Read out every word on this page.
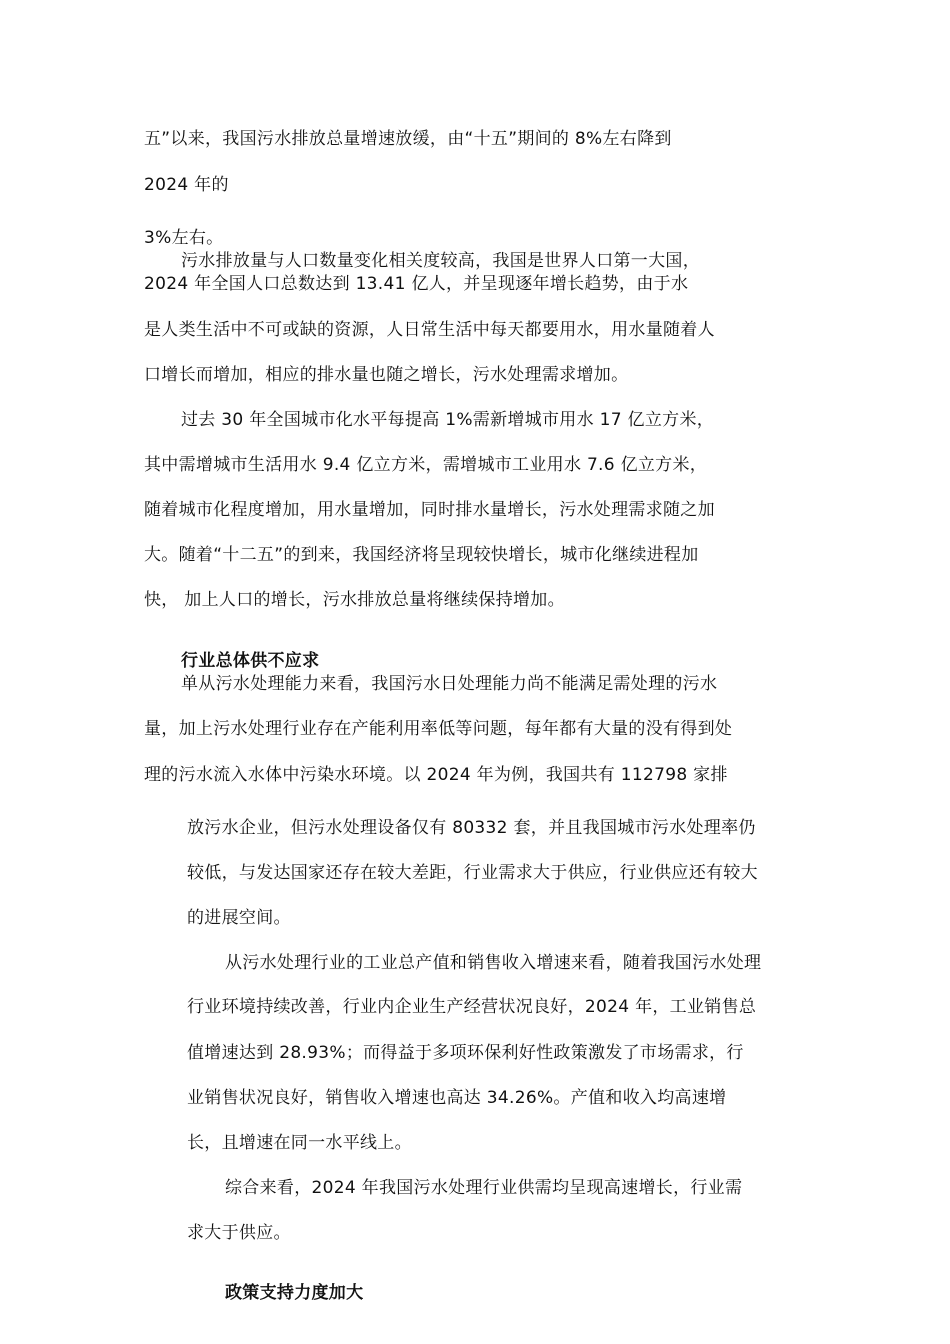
五”以来，我国污水排放总量增速放缓，由“十五”期间的 8%左右降到
2024 年的
3%左右。
污水排放量与人口数量变化相关度较高，我国是世界人口第一大国，
2024 年全国人口总数达到 13.41 亿人，并呈现逐年增长趋势，由于水
是人类生活中不可或缺的资源，人日常生活中每天都要用水，用水量随着人
口增长而增加，相应的排水量也随之增长，污水处理需求增加。
过去 30 年全国城市化水平每提高 1%需新增城市用水 17 亿立方米，
其中需增城市生活用水 9.4 亿立方米，需增城市工业用水 7.6 亿立方米，
随着城市化程度增加，用水量增加，同时排水量增长，污水处理需求随之加
大。随着“十二五”的到来，我国经济将呈现较快增长，城市化继续进程加
快， 加上人口的增长，污水排放总量将继续保持增加。
行业总体供不应求
单从污水处理能力来看，我国污水日处理能力尚不能满足需处理的污水
量，加上污水处理行业存在产能利用率低等问题，每年都有大量的没有得到处
理的污水流入水体中污染水环境。以 2024 年为例，我国共有 112798 家排
放污水企业，但污水处理设备仅有 80332 套，并且我国城市污水处理率仍
较低，与发达国家还存在较大差距，行业需求大于供应，行业供应还有较大
的进展空间。
从污水处理行业的工业总产值和销售收入增速来看，随着我国污水处理
行业环境持续改善，行业内企业生产经营状况良好，2024 年，工业销售总
值增速达到 28.93%；而得益于多项环保利好性政策激发了市场需求，行
业销售状况良好，销售收入增速也高达 34.26%。产值和收入均高速增
长，且增速在同一水平线上。
综合来看，2024 年我国污水处理行业供需均呈现高速增长，行业需
求大于供应。
政策支持力度加大
